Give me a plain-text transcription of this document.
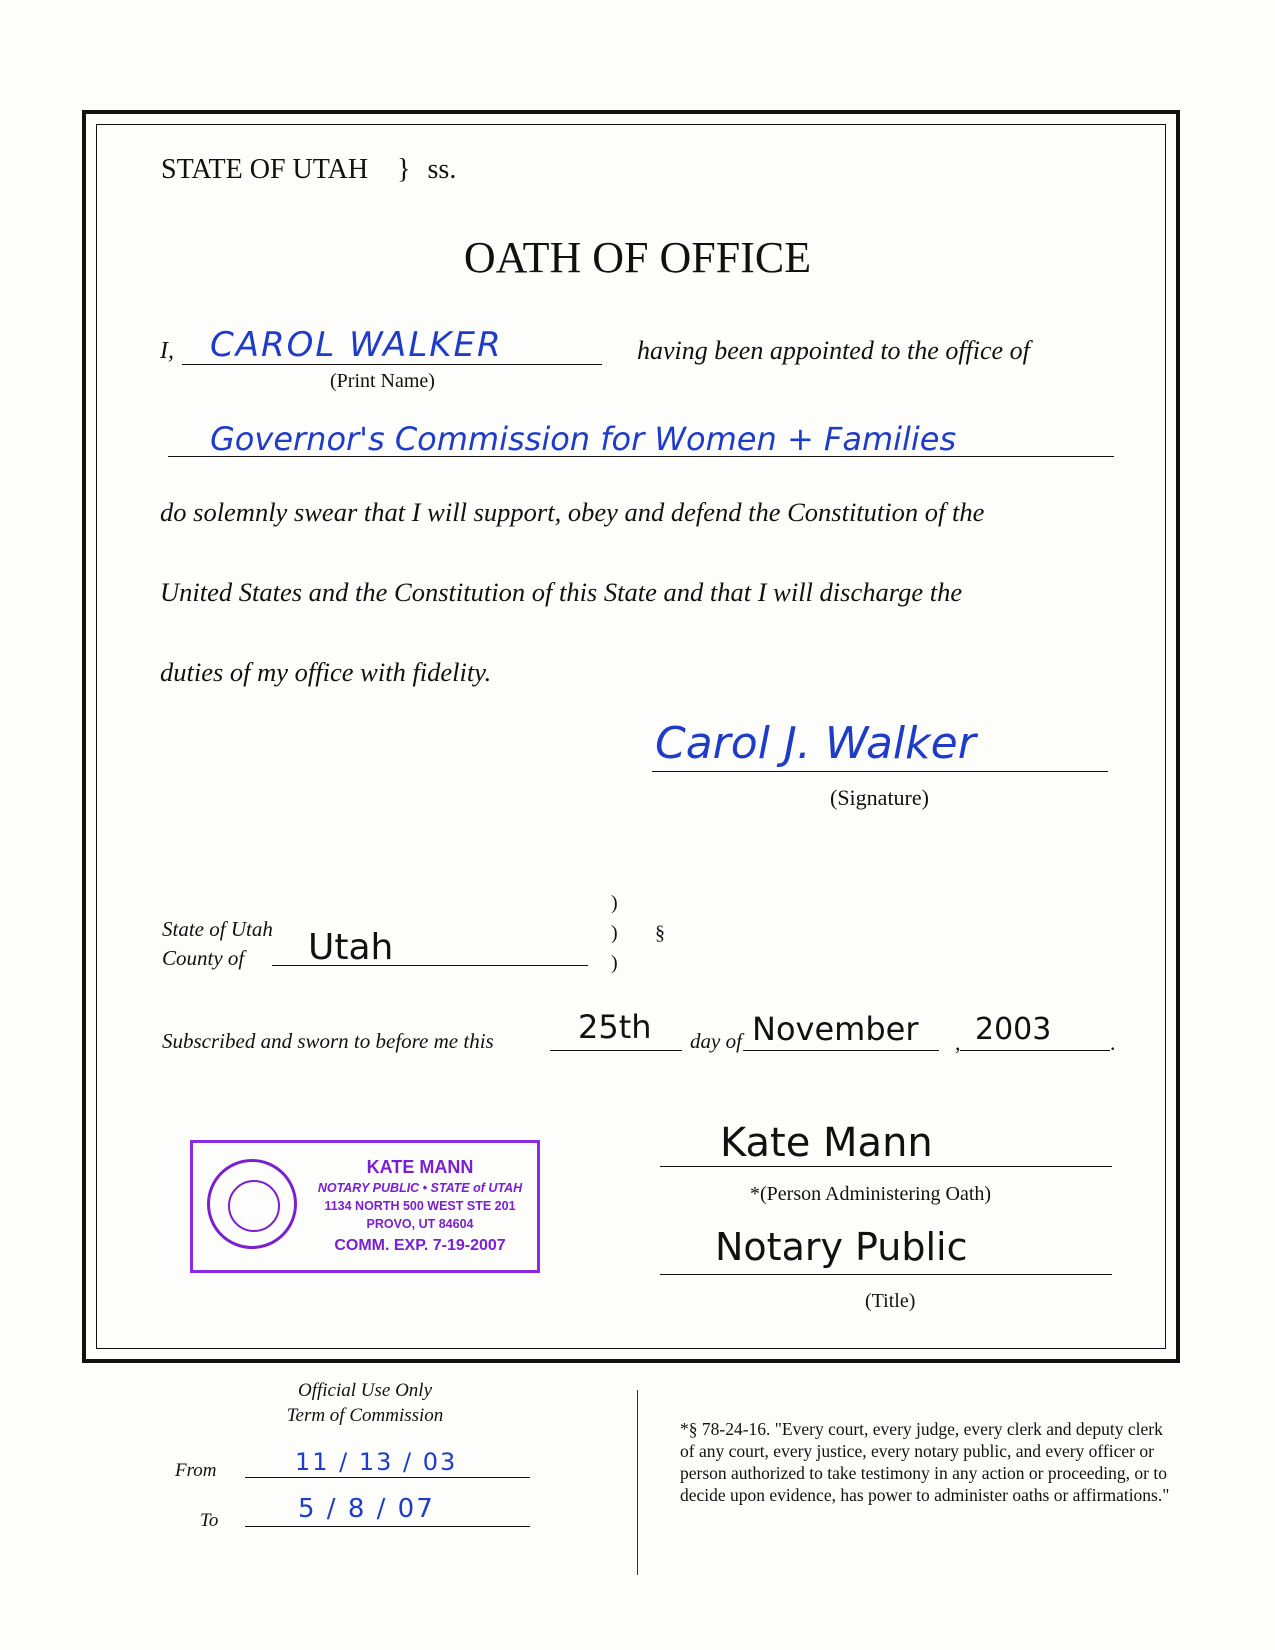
STATE OF UTAH } ss.
OATH OF OFFICE
I, CAROL WALKER
(Print Name)
having been appointed to the office of
Governor's Commission for Women + Families
do solemnly swear that I will support, obey and defend the Constitution of the
United States and the Constitution of this State and that I will discharge the
duties of my office with fidelity.
Carol J. Walker
(Signature)
State of Utah
County of Utah
)
)
)
§
Subscribed and sworn to before me this	25th day of November , 2003	.
KATE MANN
NOTARY PUBLIC • STATE of UTAH
1134 NORTH 500 WEST STE 201
PROVO, UT 84604
COMM. EXP. 7-19-2007
Kate Mann
*(Person Administering Oath)
Notary Public
(Title)
Official Use Only
Term of Commission
From	11 / 13 / 03
To	5 / 8 / 07
*§ 78-24-16. "Every court, every judge, every clerk and deputy clerk of any court, every justice, every notary public, and every officer or person authorized to take testimony in any action or proceeding, or to decide upon evidence, has power to administer oaths or affirmations."
